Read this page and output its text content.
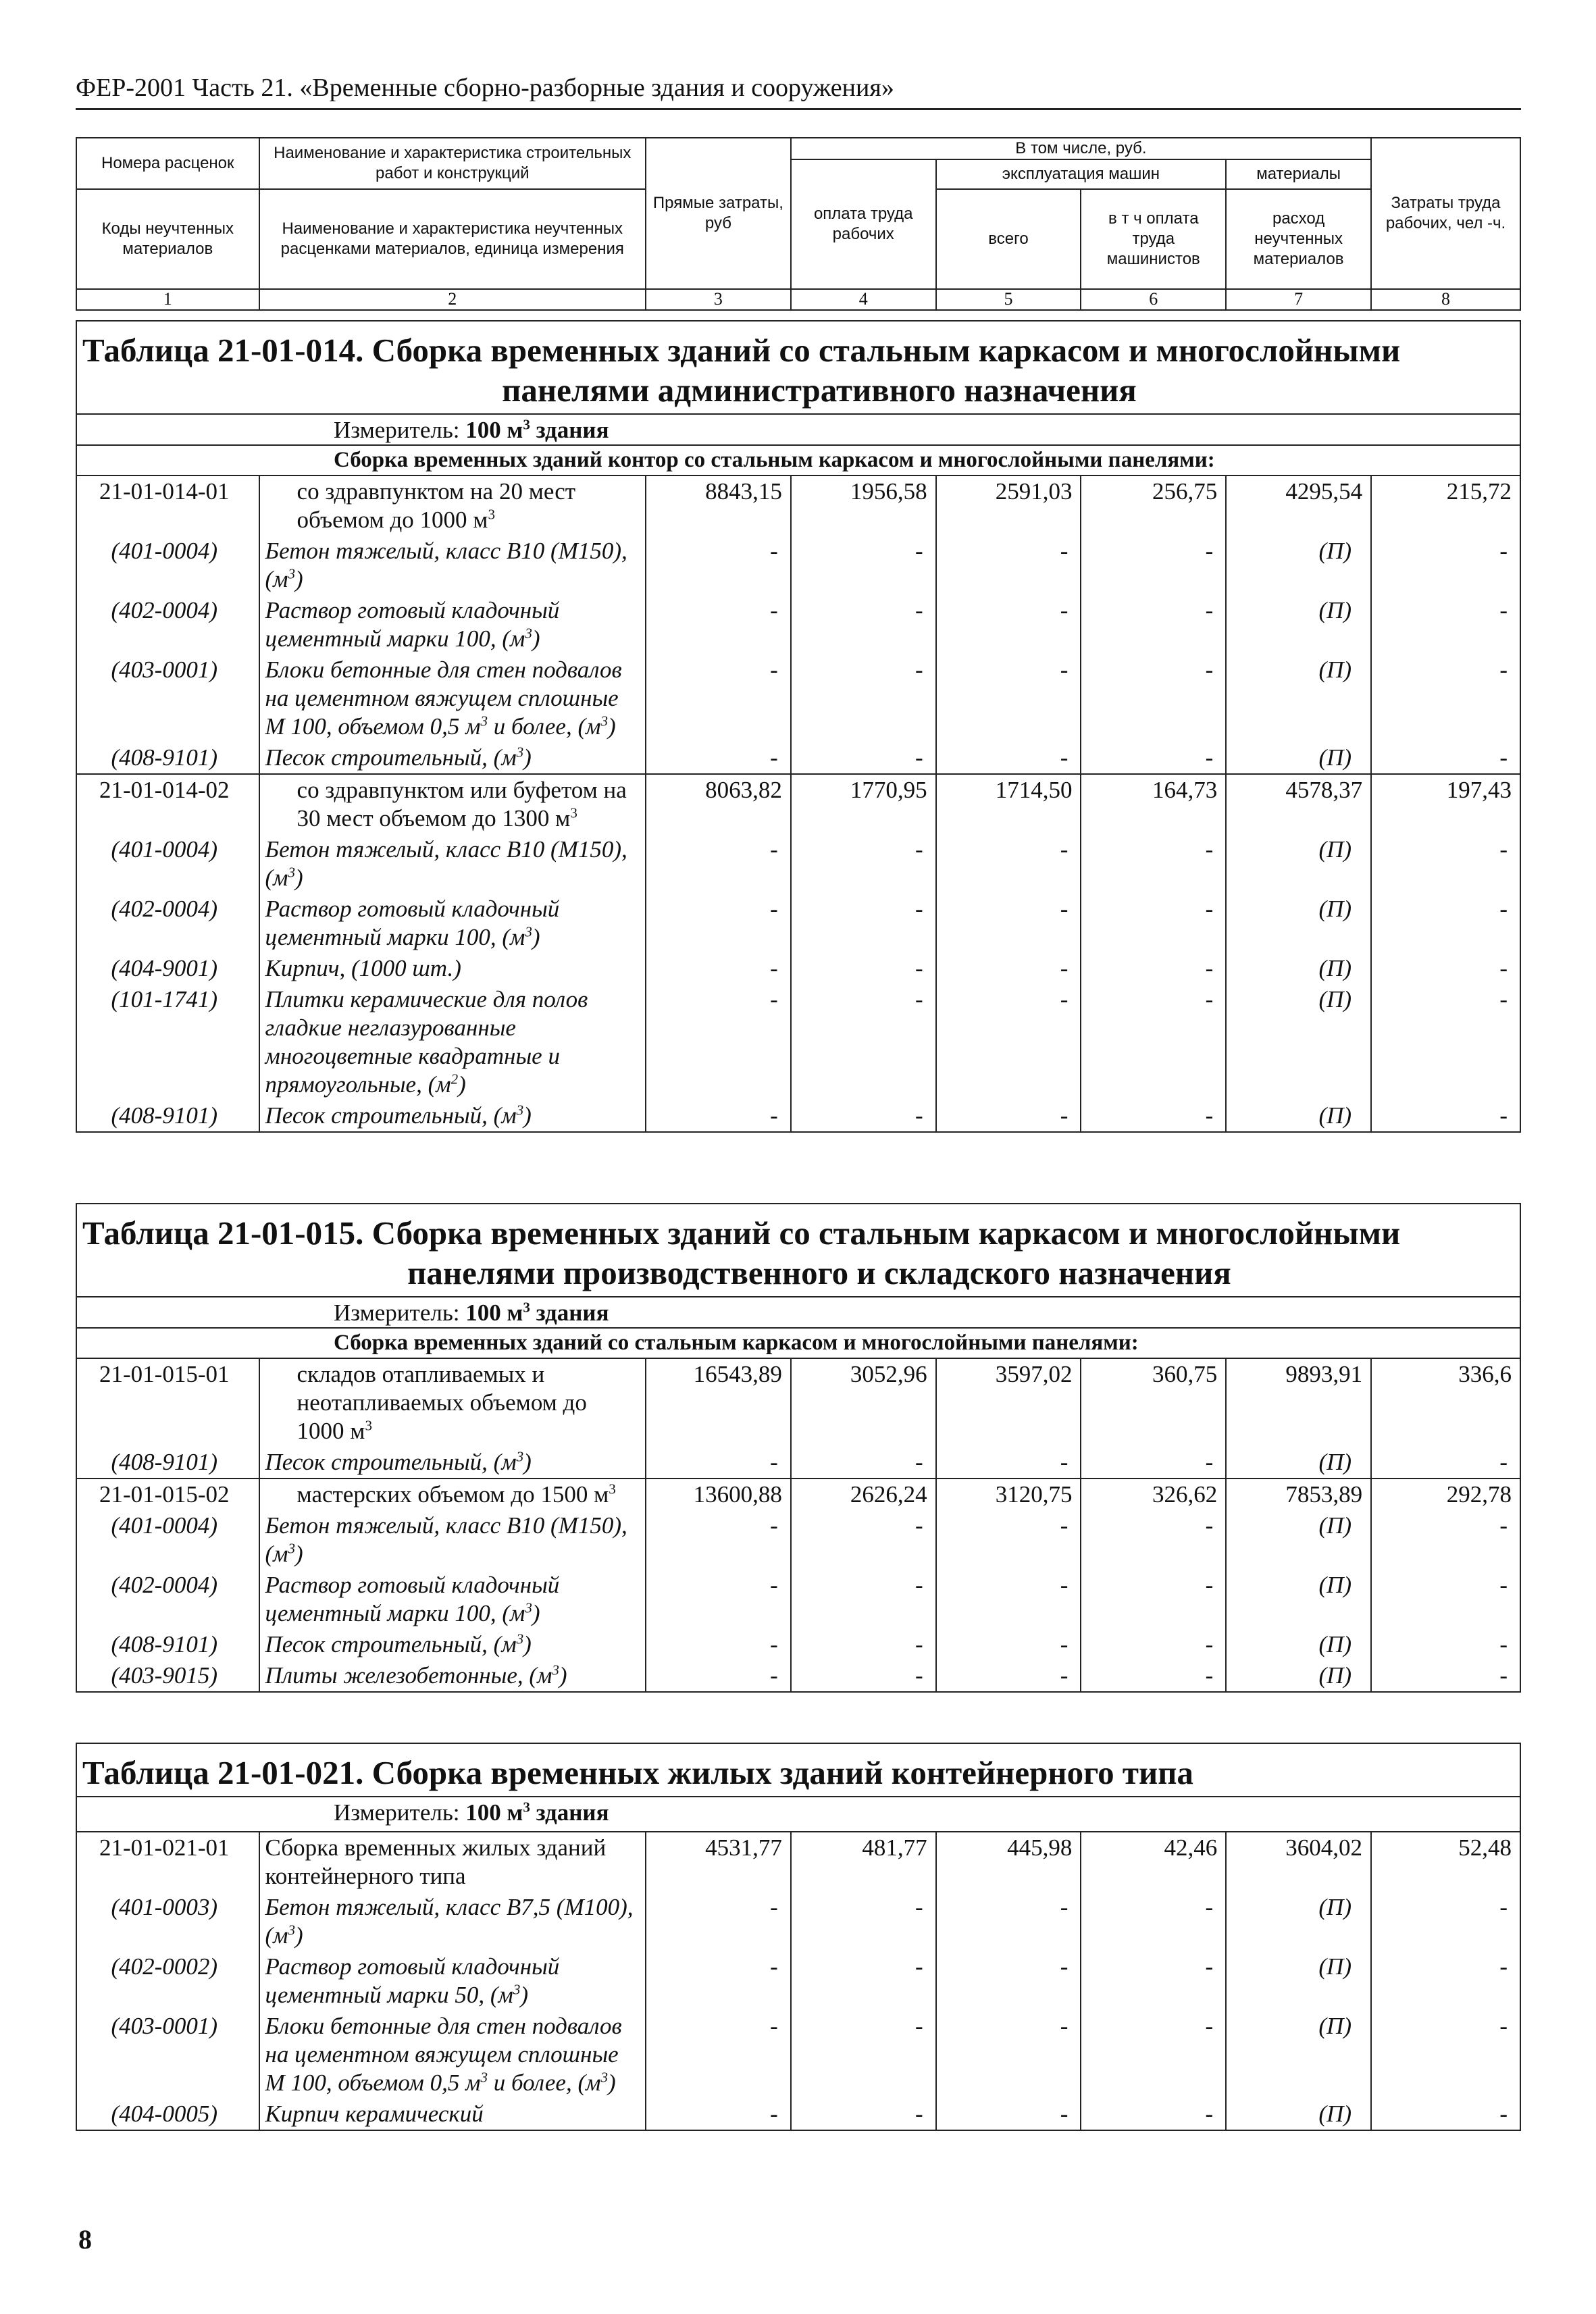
ФЕР-2001 Часть 21. «Временные сборно-разборные здания и сооружения»
Номера расценок	Наименование и характеристика строительных работ и конструкций	Прямые затраты, руб	В том числе, руб.				Затраты труда рабочих, чел -ч.
			оплата труда рабочих	эксплуатация машин		материалы	
Коды неучтенных материалов	Наименование и характеристика неучтенных расценками материалов, единица измерения			всего	в т ч оплата труда машинистов	расход неучтенных материалов	
1	2	3	4	5	6	7	8
Таблица 21-01-014. Сборка временных зданий со стальным каркасом и многослойными
панелями административного назначения							

Измеритель: 100 $м^3$ здания							
Сборка временных зданий контор со стальным каркасом и многослойными панелями:							
21-01-014-01	со здравпунктом на 20 мест объемом до 1000 $м^3$	8843,15	1956,58	2591,03	256,75	4295,54	215,72
(401-0004)	Бетон тяжелый, класс В10 (М150), $(м^3)$	-	-	-	-	(П)	-
(402-0004)	Раствор готовый кладочный цементный марки 100, $(м^3)$	-	-	-	-	(П)	-
(403-0001)	Блоки бетонные для стен подвалов на цементном вяжущем сплошные М 100, объемом 0,5 $м^3$ и более, $(м^3)$	-	-	-	-	(П)	-
(408-9101)	Песок строительный, $(м^3)$	-	-	-	-	(П)	-
21-01-014-02	со здравпунктом или буфетом на 30 мест объемом до 1300 $м^3$	8063,82	1770,95	1714,50	164,73	4578,37	197,43
(401-0004)	Бетон тяжелый, класс В10 (М150), $(м^3)$	-	-	-	-	(П)	-
(402-0004)	Раствор готовый кладочный цементный марки 100, $(м^3)$	-	-	-	-	(П)	-
(404-9001)	Кирпич, (1000 шт.)	-	-	-	-	(П)	-
(101-1741)	Плитки керамические для полов гладкие неглазурованные многоцветные квадратные и прямоугольные, $(м^2)$	-	-	-	-	(П)	-
(408-9101)	Песок строительный, $(м^3)$	-	-	-	-	(П)	-
Таблица 21-01-015. Сборка временных зданий со стальным каркасом и многослойными
панелями производственного и складского назначения							

Измеритель: 100 $м^3$ здания							
Сборка временных зданий со стальным каркасом и многослойными панелями:							
21-01-015-01	складов отапливаемых и неотапливаемых объемом до 1000 $м^3$	16543,89	3052,96	3597,02	360,75	9893,91	336,6
(408-9101)	Песок строительный, $(м^3)$	-	-	-	-	(П)	-
21-01-015-02	мастерских объемом до 1500 $м^3$	13600,88	2626,24	3120,75	326,62	7853,89	292,78
(401-0004)	Бетон тяжелый, класс В10 (М150), $(м^3)$	-	-	-	-	(П)	-
(402-0004)	Раствор готовый кладочный цементный марки 100, $(м^3)$	-	-	-	-	(П)	-
(408-9101)	Песок строительный, $(м^3)$	-	-	-	-	(П)	-
(403-9015)	Плиты железобетонные, $(м^3)$	-	-	-	-	(П)	-
Таблица 21-01-021. Сборка временных жилых зданий контейнерного типа							
Измеритель: 100 $м^3$ здания							
21-01-021-01	Сборка временных жилых зданий контейнерного типа	4531,77	481,77	445,98	42,46	3604,02	52,48
(401-0003)	Бетон тяжелый, класс В7,5 (М100), $(м^3)$	-	-	-	-	(П)	-
(402-0002)	Раствор готовый кладочный цементный марки 50, $(м^3)$	-	-	-	-	(П)	-
(403-0001)	Блоки бетонные для стен подвалов на цементном вяжущем сплошные М 100, объемом 0,5 $м^3$ и более, $(м^3)$	-	-	-	-	(П)	-
(404-0005)	Кирпич керамический	-	-	-	-	(П)	-
8
